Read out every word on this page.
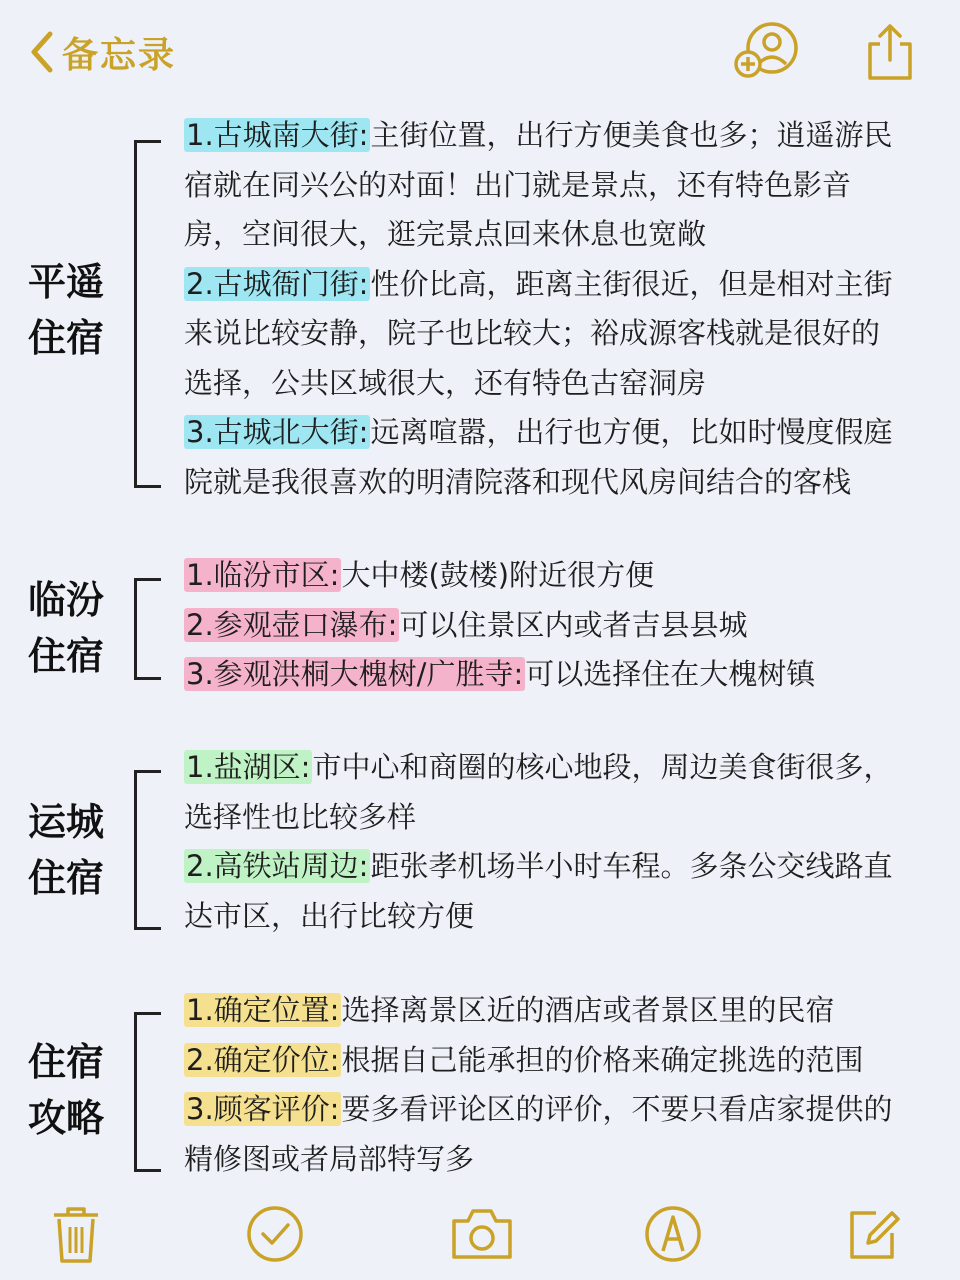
备忘录
平遥
住宿
1.古城南大街:主街位置，出行方便美食也多；逍遥游民
宿就在同兴公的对面！出门就是景点，还有特色影音
房，空间很大，逛完景点回来休息也宽敞
2.古城衙门街:性价比高，距离主街很近，但是相对主街
来说比较安静，院子也比较大；裕成源客栈就是很好的
选择，公共区域很大，还有特色古窑洞房
3.古城北大街:远离喧嚣，出行也方便，比如时慢度假庭
院就是我很喜欢的明清院落和现代风房间结合的客栈
临汾
住宿
1.临汾市区:大中楼(鼓楼)附近很方便
2.参观壶口瀑布:可以住景区内或者吉县县城
3.参观洪桐大槐树/广胜寺:可以选择住在大槐树镇
运城
住宿
1.盐湖区:市中心和商圈的核心地段，周边美食街很多，
选择性也比较多样
2.高铁站周边:距张孝机场半小时车程。多条公交线路直
达市区，出行比较方便
住宿
攻略
1.确定位置:选择离景区近的酒店或者景区里的民宿
2.确定价位:根据自己能承担的价格来确定挑选的范围
3.顾客评价:要多看评论区的评价，不要只看店家提供的
精修图或者局部特写多
